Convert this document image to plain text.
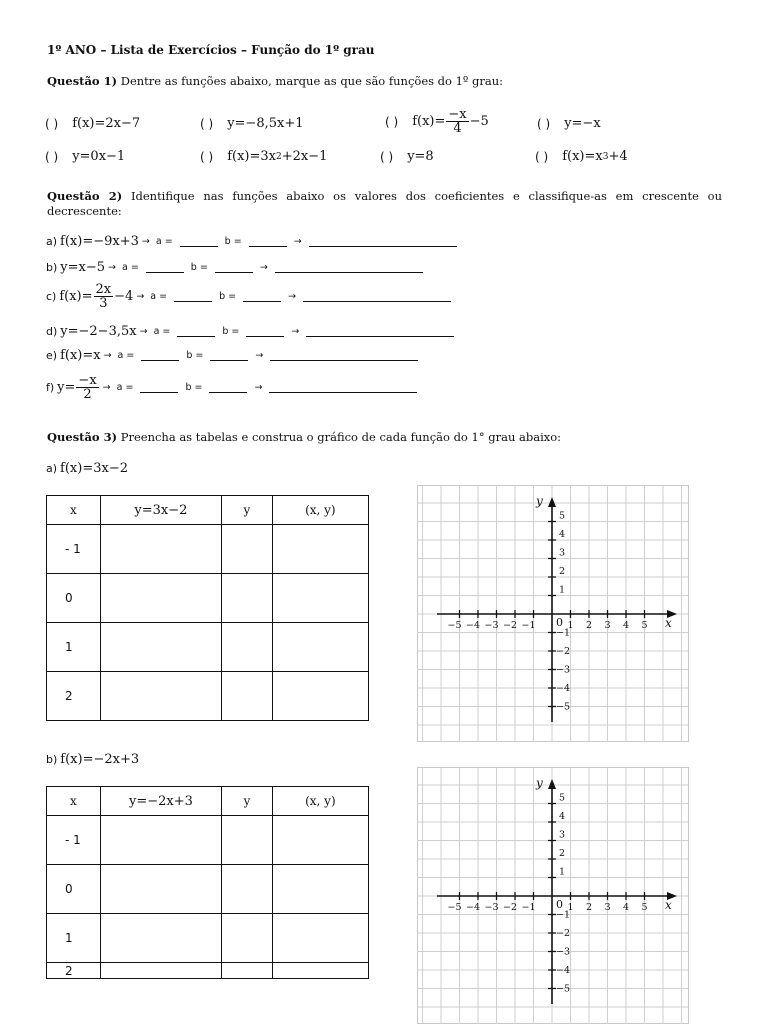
1º ANO – Lista de Exercícios – Função do 1º grau
Questão 1) Dentre as funções abaixo, marque as que são funções do 1º grau:
( ) f(x)=2x−7	( ) y=−8,5x+1	( ) $f(x)= \frac{-x}{4} -5$	( ) y=−x
( ) y=0x−1	( ) f(x)=3x 2 +2x−1	( ) y=8	( ) f(x)=x 3 +4
Questão 2) Identifique nas funções abaixo os valores dos coeficientes e classifique-as em crescente ou decrescente:
a) f(x)=−9x+3 → a =	b =	→
b) y=x−5 → a =	b =	→
c) $f(x)= \frac{2x}{3} -4 \to a$ =	b =	→
d) y=−2−3,5x → a =	b =	→
e) f(x)=x → a =	b =	→
f) $y= \frac{-x}{2} \to a$ =	b =	→
Questão 3) Preencha as tabelas e construa o gráfico de cada função do 1° grau abaixo:
a) f(x)=3x−2
x	y=3x−2	y	(x, y)
- 1			
0			
1			
2			
−5 −4 −3 −2 −1	1 2 3 4 5
1
−1
2
−2
3
−3
4
−4
5
−5
0	x
y
b) f(x)=−2x+3
x	y=−2x+3	y	(x, y)
- 1			
0			
1			
2			
−5 −4 −3 −2 −1	1 2 3 4 5
1
−1
2
−2
3
−3
4
−4
5
−5
0	x
y
